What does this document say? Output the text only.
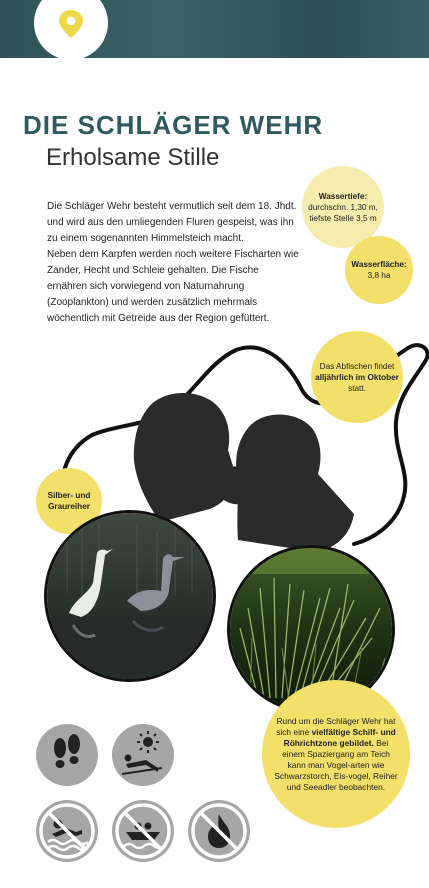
DIE SCHLÄGER WEHR
Erholsame Stille

Die Schläger Wehr besteht vermutlich seit dem 18. Jhdt. und wird aus den umliegenden Fluren gespeist, was ihn zu einem sogenannten Himmelsteich macht.

Neben dem Karpfen werden noch weitere Fischarten wie Zander, Hecht und Schleie gehalten. Die Fische ernähren sich vorwiegend von Naturnahrung (Zooplankton) und werden zusätzlich mehrmals wöchentlich mit Getreide aus der Region gefüttert.

Wassertiefe:
durchschn. 1,30 m, tiefste Stelle 3,5 m
Wasserfläche:
3,8 ha
Das Abfischen findet alljährlich im Oktober statt.
Silber- und Graureiher
Rund um die Schläger Wehr hat sich eine vielfältige Schilf- und Röhrichtzone gebildet. Bei einem Spaziergang am Teich kann man Vogel-arten wie Schwarzstorch, Eis-vogel, Reiher und Seeadler beobachten.
